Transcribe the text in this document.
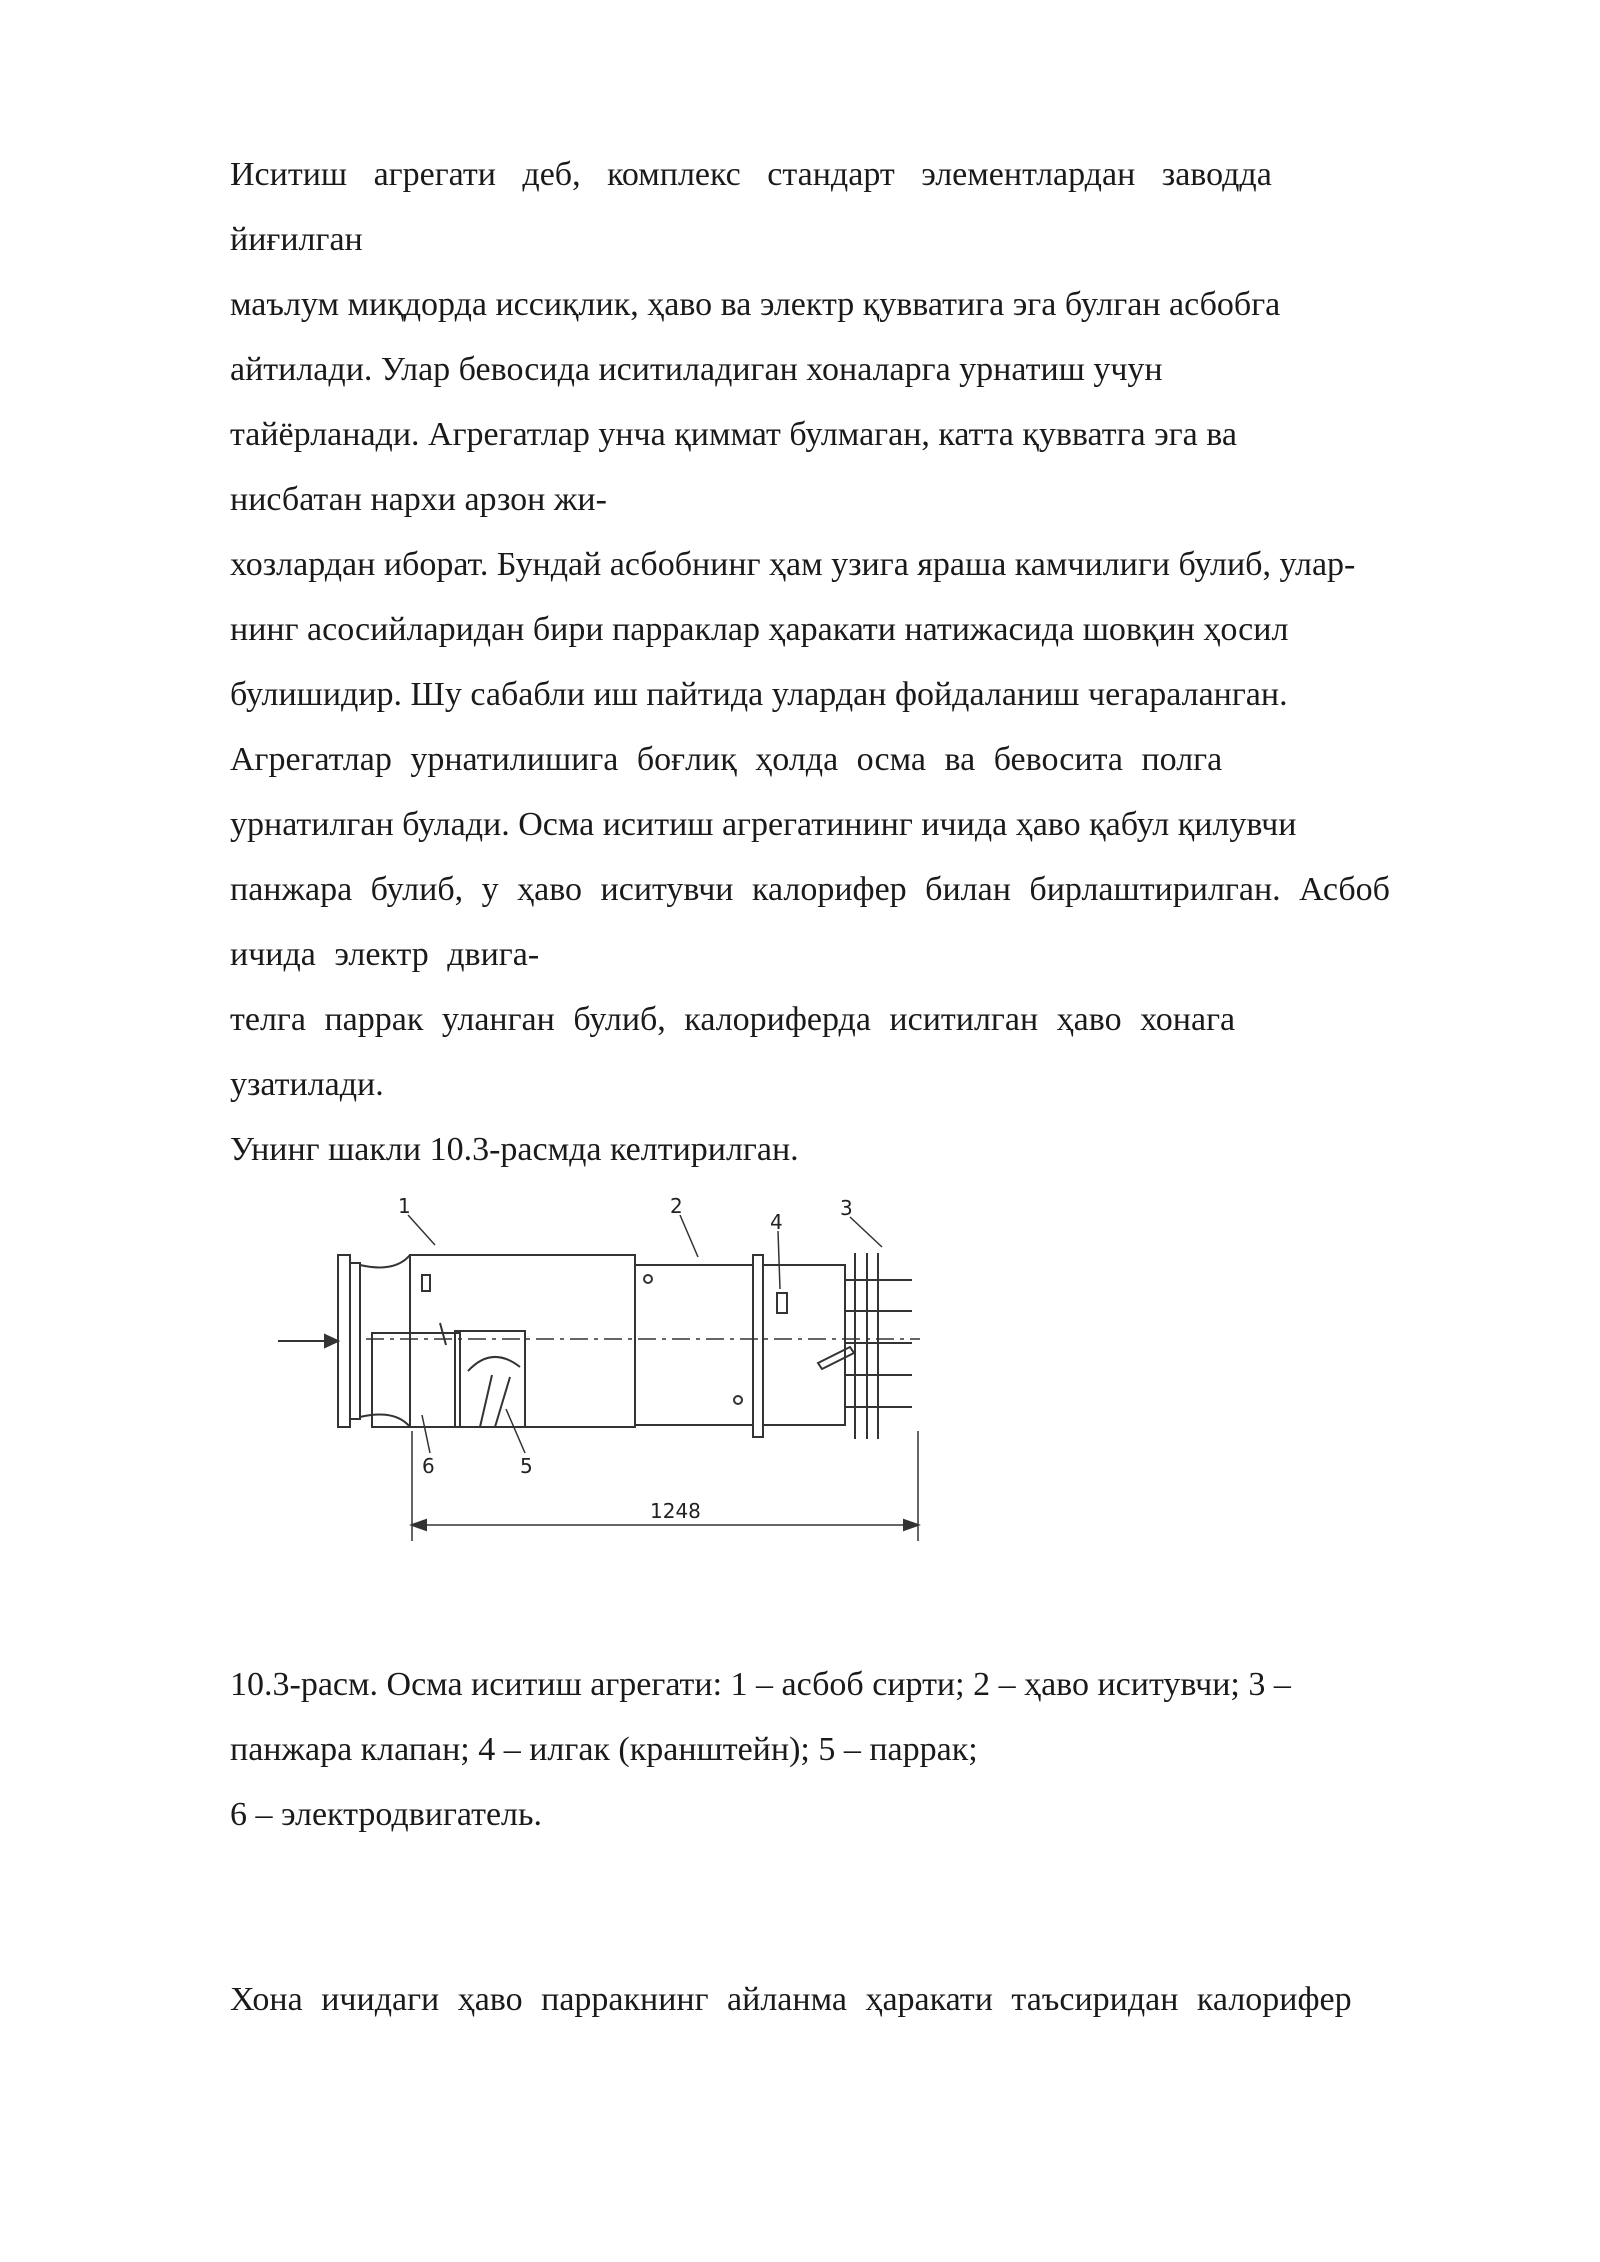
Иситиш агрегати деб, комплекс стандарт элементлардан заводда
йиғилган
маълум миқдорда иссиқлик, ҳаво ва электр қувватига эга булган асбобга
айтилади. Улар бевосида иситиладиган хоналарга урнатиш учун
тайёрланади. Агрегатлар унча қиммат булмаган, катта қувватга эга ва
нисбатан нархи арзон жи-
хозлардан иборат. Бундай асбобнинг ҳам узига яраша камчилиги булиб, улар-
нинг асосийларидан бири парраклар ҳаракати натижасида шовқин ҳосил
булишидир. Шу сабабли иш пайтида улардан фойдаланиш чегараланган.
Агрегатлар урнатилишига боғлиқ ҳолда осма ва бевосита полга
урнатилган булади. Осма иситиш агрегатининг ичида ҳаво қабул қилувчи
панжара булиб, у ҳаво иситувчи калорифер билан бирлаштирилган. Асбоб
ичида электр двига-
телга паррак уланган булиб, калориферда иситилган ҳаво хонага
узатилади.
Унинг шакли 10.3-расмда келтирилган.
1	2	3
4
5
6
1248
10.3-расм. Осма иситиш агрегати: 1 – асбоб сирти; 2 – ҳаво иситувчи; 3 –
панжара клапан; 4 – илгак (кранштейн); 5 – паррак;
6 – электродвигатель.
Хона ичидаги ҳаво парракнинг айланма ҳаракати таъсиридан калорифер
